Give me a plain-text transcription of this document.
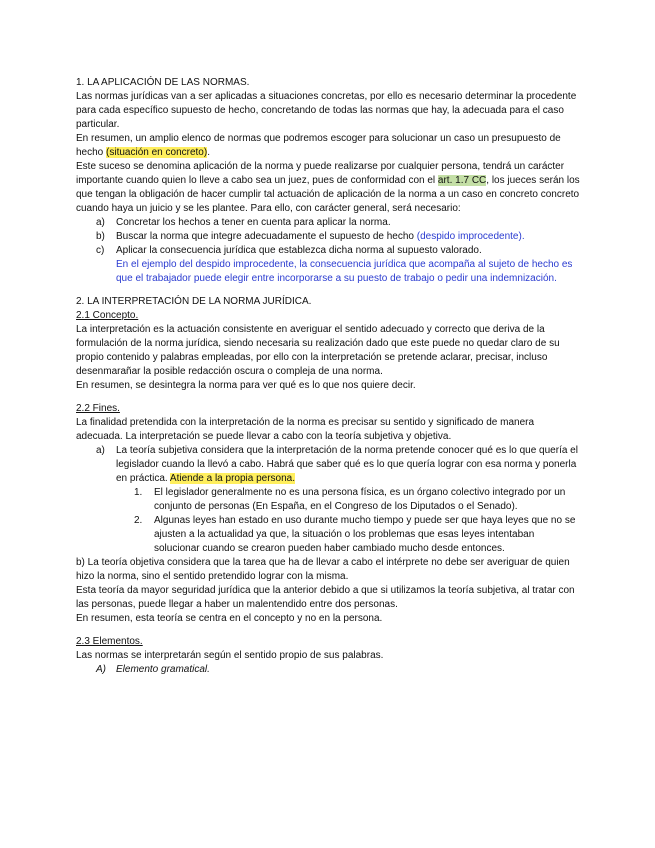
1. LA APLICACIÓN DE LAS NORMAS.

Las normas jurídicas van a ser aplicadas a situaciones concretas, por ello es necesario determinar la procedente para cada específico supuesto de hecho, concretando de todas las normas que hay, la adecuada para el caso particular.

En resumen, un amplio elenco de normas que podremos escoger para solucionar un caso un presupuesto de hecho (situación en concreto).

Este suceso se denomina aplicación de la norma y puede realizarse por cualquier persona, tendrá un carácter importante cuando quien lo lleve a cabo sea un juez, pues de conformidad con el art. 1.7 CC, los jueces serán los que tengan la obligación de hacer cumplir tal actuación de aplicación de la norma a un caso en concreto concreto cuando haya un juicio y se les plantee. Para ello, con carácter general, será necesario:

a)	Concretar los hechos a tener en cuenta para aplicar la norma.
b)	Buscar la norma que integre adecuadamente el supuesto de hecho (despido improcedente).
c)	Aplicar la consecuencia jurídica que establezca dicha norma al supuesto valorado.

En el ejemplo del despido improcedente, la consecuencia jurídica que acompaña al sujeto de hecho es que el trabajador puede elegir entre incorporarse a su puesto de trabajo o pedir una indemnización.

2. LA INTERPRETACIÓN DE LA NORMA JURÍDICA.

2.1 Concepto.

La interpretación es la actuación consistente en averiguar el sentido adecuado y correcto que deriva de la formulación de la norma jurídica, siendo necesaria su realización dado que este puede no quedar claro de su propio contenido y palabras empleadas, por ello con la interpretación se pretende aclarar, precisar, incluso desenmarañar la posible redacción oscura o compleja de una norma.

En resumen, se desintegra la norma para ver qué es lo que nos quiere decir.

2.2 Fines.

La finalidad pretendida con la interpretación de la norma es precisar su sentido y significado de manera adecuada. La interpretación se puede llevar a cabo con la teoría subjetiva y objetiva.

a)	La teoría subjetiva considera que la interpretación de la norma pretende conocer qué es lo que quería el legislador cuando la llevó a cabo. Habrá que saber qué es lo que quería lograr con esa norma y ponerla en práctica. Atiende a la propia persona.
1.	El legislador generalmente no es una persona física, es un órgano colectivo integrado por un conjunto de personas (En España, en el Congreso de los Diputados o el Senado).
2.	Algunas leyes han estado en uso durante mucho tiempo y puede ser que haya leyes que no se ajusten a la actualidad ya que, la situación o los problemas que esas leyes intentaban solucionar cuando se crearon pueden haber cambiado mucho desde entonces.

b) La teoría objetiva considera que la tarea que ha de llevar a cabo el intérprete no debe ser averiguar de quien hizo la norma, sino el sentido pretendido lograr con la misma.

Esta teoría da mayor seguridad jurídica que la anterior debido a que si utilizamos la teoría subjetiva, al tratar con las personas, puede llegar a haber un malentendido entre dos personas.

En resumen, esta teoría se centra en el concepto y no en la persona.

2.3 Elementos.

Las normas se interpretarán según el sentido propio de sus palabras.

A)	Elemento gramatical.
